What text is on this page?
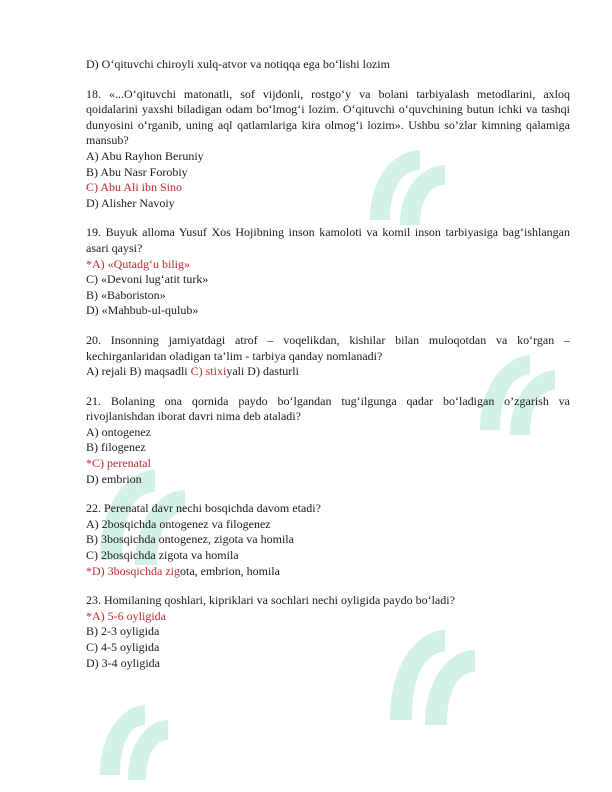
D) O‘qituvchi chiroyli xulq-atvor va notiqqa ega bo‘lishi lozim

18. «...O‘qituvchi matonatli, sof vijdonli, rostgo‘y va bolani tarbiyalash metodlarini, axloq qoidalarini yaxshi biladigan odam bo‘lmog‘i lozim. O‘qituvchi o‘quvchining butun ichki va tashqi dunyosini o‘rganib, uning aql qatlamlariga kira olmog‘i lozim». Ushbu so’zlar kimning qalamiga mansub?

A) Abu Rayhon Beruniy

B) Abu Nasr Forobiy

C) Abu Ali ibn Sino

D) Alisher Navoiy

19. Buyuk alloma Yusuf Xos Hojibning inson kamoloti va komil inson tarbiyasiga bag‘ishlangan asari qaysi?

*A) «Qutadg‘u bilig»

C) «Devoni lugʻatit turk»

B) «Baboriston»

D) «Mahbub-ul-qulub»

20. Insonning jamiyatdagi atrof – voqelikdan, kishilar bilan muloqotdan va koʻrgan – kechirganlaridan oladigan ta’lim - tarbiya qanday nomlanadi?

A) rejali B) maqsadli C) stixiyali D) dasturli

21. Bolaning ona qornida paydo bo‘lgandan tug‘ilgunga qadar bo‘ladigan o’zgarish va rivojlanishdan iborat davri nima deb ataladi?

A) ontogenez

B) filogenez

*C) perenatal

D) embrion

22. Perenatal davr nechi bosqichda davom etadi?

A) 2bosqichda ontogenez va filogenez

B) 3bosqichda ontogenez, zigota va homila

C) 2bosqichda zigota va homila

*D) 3bosqichda zigota, embrion, homila

23. Homilaning qoshlari, kipriklari va sochlari nechi oyligida paydo bo‘ladi?

*A) 5-6 oyligida

B) 2-3 oyligida

C) 4-5 oyligida

D) 3-4 oyligida
